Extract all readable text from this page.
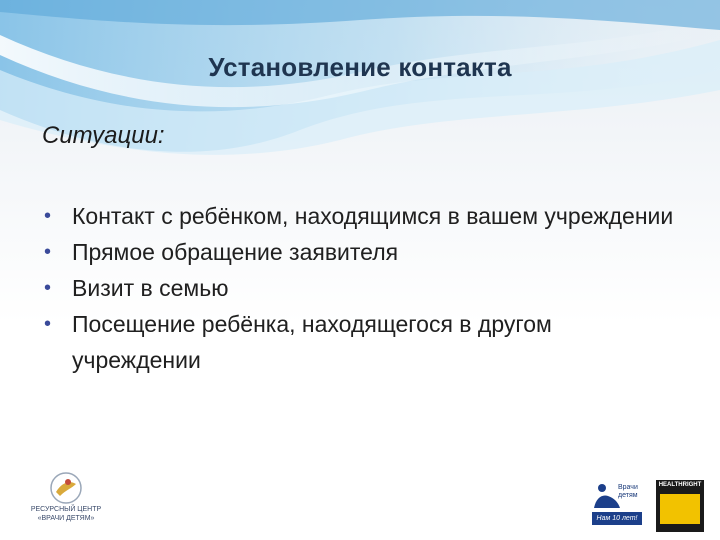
Установление контакта
Ситуации:
• Контакт с ребёнком, находящимся в вашем учреждении
• Прямое обращение заявителя
• Визит в семью
• Посещение ребёнка, находящегося в другом учреждении
РЕСУРСНЫЙ ЦЕНТР
«ВРАЧИ ДЕТЯМ»
Врачи
детям
Нам 10 лет!
HEALTHRIGHT
